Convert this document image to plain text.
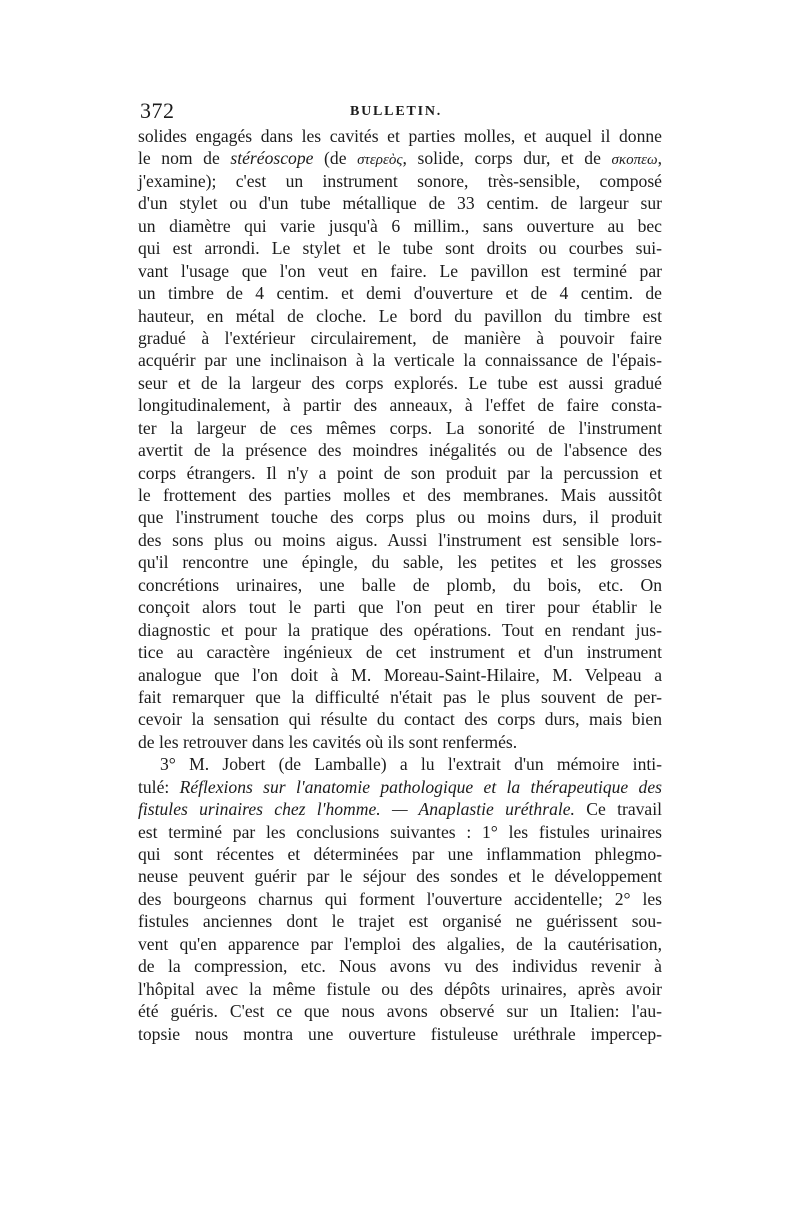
372	BULLETIN.
solides engagés dans les cavités et parties molles, et auquel il donne
le nom de stéréoscope (de στερεὸς, solide, corps dur, et de σκοπεω,
j'examine); c'est un instrument sonore, très-sensible, composé
d'un stylet ou d'un tube métallique de 33 centim. de largeur sur
un diamètre qui varie jusqu'à 6 millim., sans ouverture au bec
qui est arrondi. Le stylet et le tube sont droits ou courbes sui-
vant l'usage que l'on veut en faire. Le pavillon est terminé par
un timbre de 4 centim. et demi d'ouverture et de 4 centim. de
hauteur, en métal de cloche. Le bord du pavillon du timbre est
gradué à l'extérieur circulairement, de manière à pouvoir faire
acquérir par une inclinaison à la verticale la connaissance de l'épais-
seur et de la largeur des corps explorés. Le tube est aussi gradué
longitudinalement, à partir des anneaux, à l'effet de faire consta-
ter la largeur de ces mêmes corps. La sonorité de l'instrument
avertit de la présence des moindres inégalités ou de l'absence des
corps étrangers. Il n'y a point de son produit par la percussion et
le frottement des parties molles et des membranes. Mais aussitôt
que l'instrument touche des corps plus ou moins durs, il produit
des sons plus ou moins aigus. Aussi l'instrument est sensible lors-
qu'il rencontre une épingle, du sable, les petites et les grosses
concrétions urinaires, une balle de plomb, du bois, etc. On
conçoit alors tout le parti que l'on peut en tirer pour établir le
diagnostic et pour la pratique des opérations. Tout en rendant jus-
tice au caractère ingénieux de cet instrument et d'un instrument
analogue que l'on doit à M. Moreau-Saint-Hilaire, M. Velpeau a
fait remarquer que la difficulté n'était pas le plus souvent de per-
cevoir la sensation qui résulte du contact des corps durs, mais bien
de les retrouver dans les cavités où ils sont renfermés.
3° M. Jobert (de Lamballe) a lu l'extrait d'un mémoire inti-
tulé: Réflexions sur l'anatomie pathologique et la thérapeutique des
fistules urinaires chez l'homme. — Anaplastie uréthrale. Ce travail
est terminé par les conclusions suivantes : 1° les fistules urinaires
qui sont récentes et déterminées par une inflammation phlegmo-
neuse peuvent guérir par le séjour des sondes et le développement
des bourgeons charnus qui forment l'ouverture accidentelle; 2° les
fistules anciennes dont le trajet est organisé ne guérissent sou-
vent qu'en apparence par l'emploi des algalies, de la cautérisation,
de la compression, etc. Nous avons vu des individus revenir à
l'hôpital avec la même fistule ou des dépôts urinaires, après avoir
été guéris. C'est ce que nous avons observé sur un Italien: l'au-
topsie nous montra une ouverture fistuleuse uréthrale impercep-
